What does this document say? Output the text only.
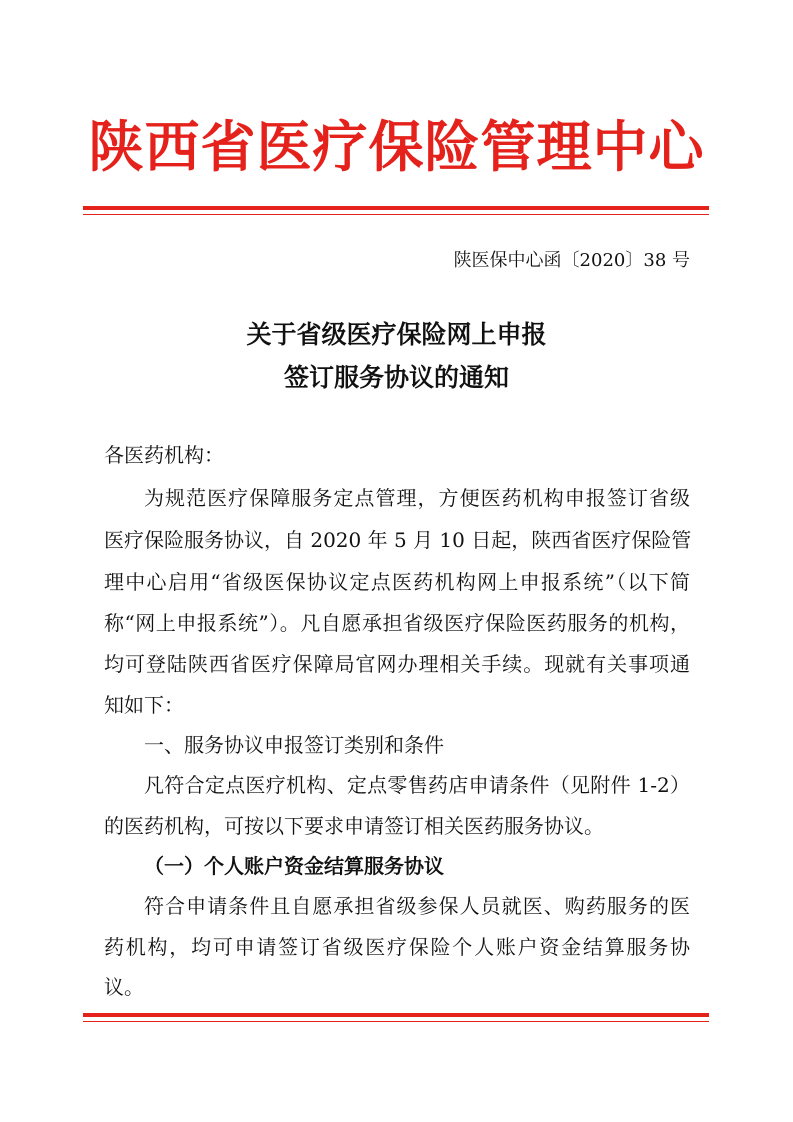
陕西省医疗保险管理中心
陕医保中心函〔2020〕38 号
关于省级医疗保险网上申报
签订服务协议的通知
各医药机构：
为规范医疗保障服务定点管理，方便医药机构申报签订省级
医疗保险服务协议，自 2020 年 5 月 10 日起，陕西省医疗保险管
理中心启用“省级医保协议定点医药机构网上申报系统”（以下简
称“网上申报系统”）。凡自愿承担省级医疗保险医药服务的机构，
均可登陆陕西省医疗保障局官网办理相关手续。现就有关事项通
知如下：
一、服务协议申报签订类别和条件
凡符合定点医疗机构、定点零售药店申请条件（见附件 1-2）
的医药机构，可按以下要求申请签订相关医药服务协议。
（一）个人账户资金结算服务协议
符合申请条件且自愿承担省级参保人员就医、购药服务的医
药机构，均可申请签订省级医疗保险个人账户资金结算服务协
议。
